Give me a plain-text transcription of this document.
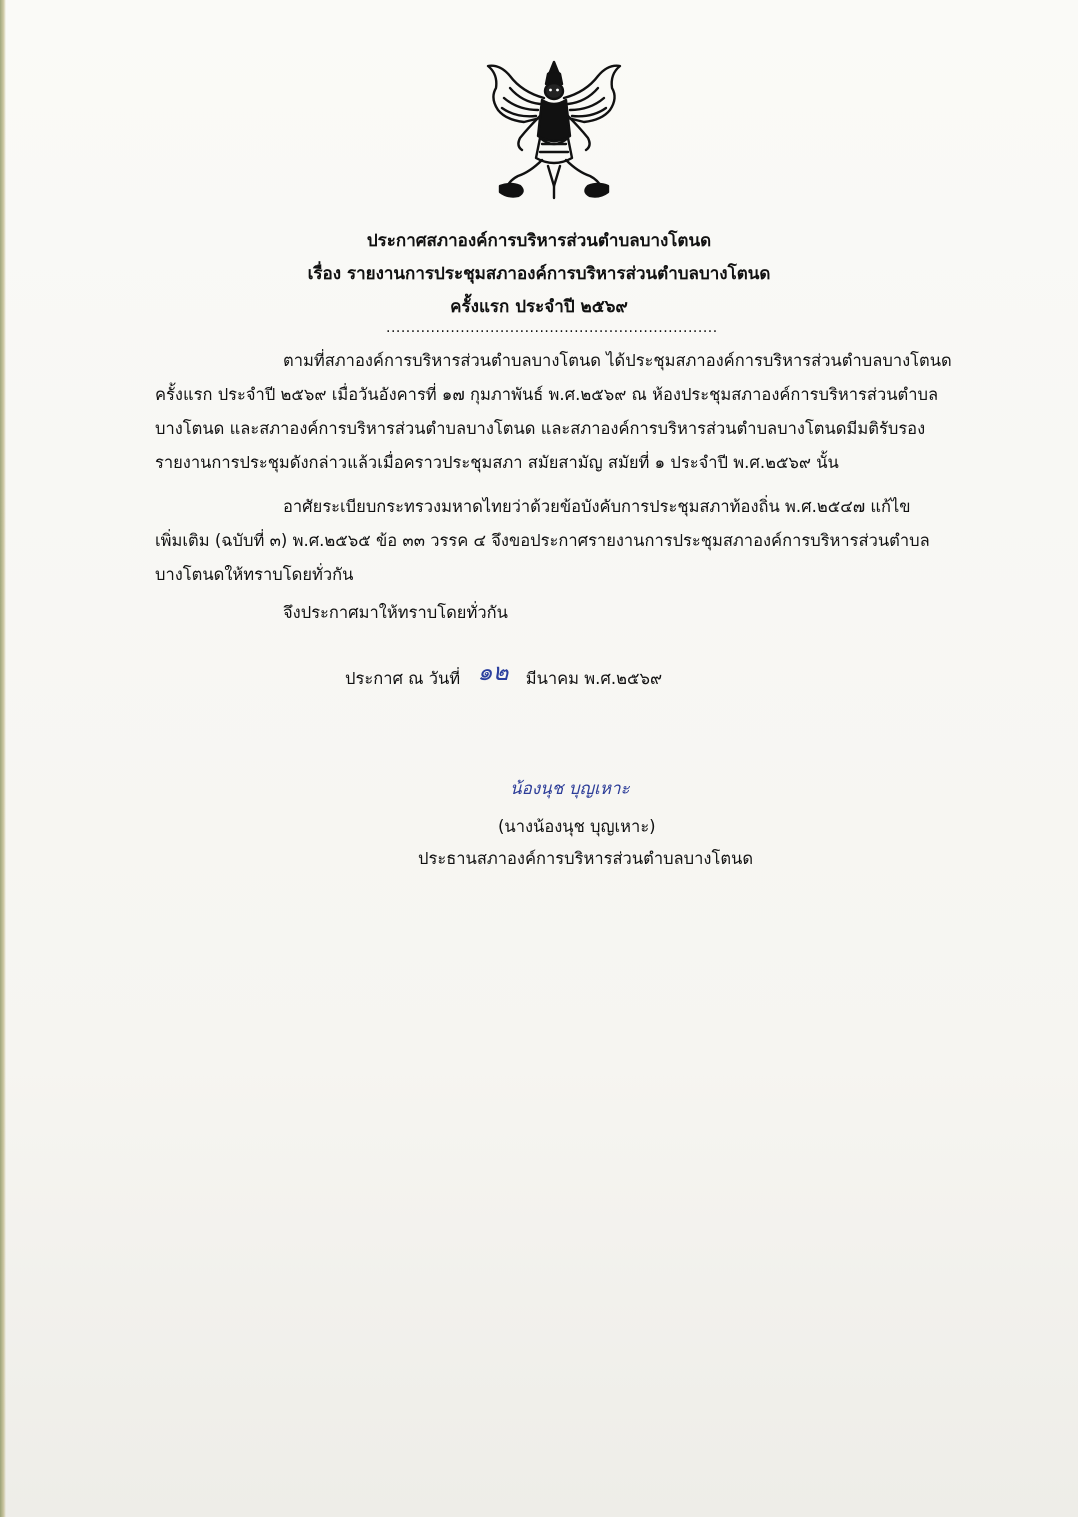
ประกาศสภาองค์การบริหารส่วนตำบลบางโตนด
เรื่อง รายงานการประชุมสภาองค์การบริหารส่วนตำบลบางโตนด
ครั้งแรก ประจำปี ๒๕๖๙
...................................................................
ตามที่สภาองค์การบริหารส่วนตำบลบางโตนด ได้ประชุมสภาองค์การบริหารส่วนตำบลบางโตนด
ครั้งแรก ประจำปี ๒๕๖๙ เมื่อวันอังคารที่ ๑๗ กุมภาพันธ์ พ.ศ.๒๕๖๙ ณ ห้องประชุมสภาองค์การบริหารส่วนตำบล
บางโตนด และสภาองค์การบริหารส่วนตำบลบางโตนด และสภาองค์การบริหารส่วนตำบลบางโตนดมีมติรับรอง
รายงานการประชุมดังกล่าวแล้วเมื่อคราวประชุมสภา สมัยสามัญ สมัยที่ ๑ ประจำปี พ.ศ.๒๕๖๙ นั้น
อาศัยระเบียบกระทรวงมหาดไทยว่าด้วยข้อบังคับการประชุมสภาท้องถิ่น พ.ศ.๒๕๔๗ แก้ไข
เพิ่มเติม (ฉบับที่ ๓) พ.ศ.๒๕๖๕ ข้อ ๓๓ วรรค ๔ จึงขอประกาศรายงานการประชุมสภาองค์การบริหารส่วนตำบล
บางโตนดให้ทราบโดยทั่วกัน
จึงประกาศมาให้ทราบโดยทั่วกัน
ประกาศ ณ วันที่ ๑๒ มีนาคม พ.ศ.๒๕๖๙
น้องนุช บุญเหาะ
(นางน้องนุช บุญเหาะ)
ประธานสภาองค์การบริหารส่วนตำบลบางโตนด
